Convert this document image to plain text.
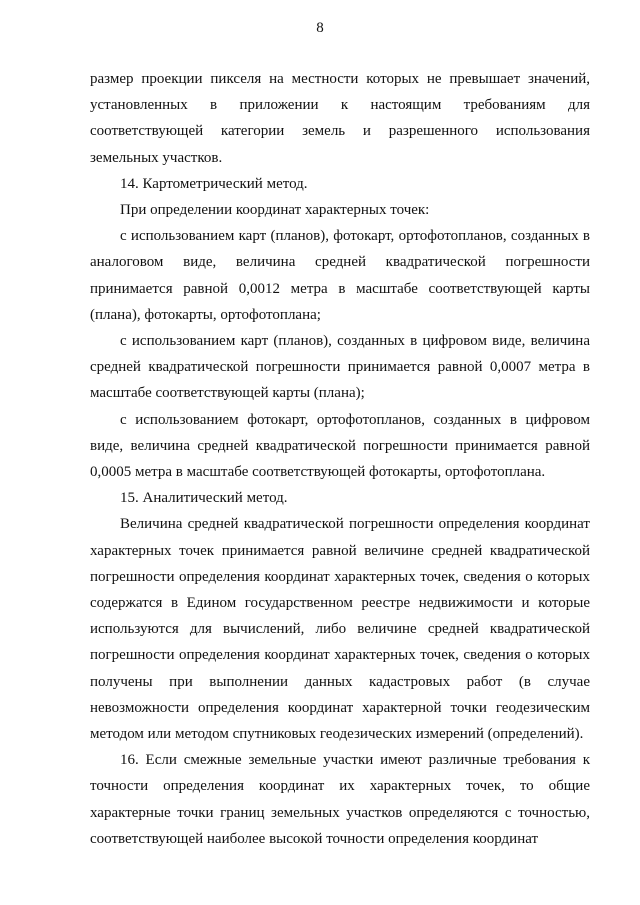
8

размер проекции пикселя на местности которых не превышает значений, установленных в приложении к настоящим требованиям для соответствующей категории земель и разрешенного использования земельных участков.

14. Картометрический метод.

При определении координат характерных точек:

с использованием карт (планов), фотокарт, ортофотопланов, созданных в аналоговом виде, величина средней квадратической погрешности принимается равной 0,0012 метра в масштабе соответствующей карты (плана), фотокарты, ортофотоплана;

с использованием карт (планов), созданных в цифровом виде, величина средней квадратической погрешности принимается равной 0,0007 метра в масштабе соответствующей карты (плана);

с использованием фотокарт, ортофотопланов, созданных в цифровом виде, величина средней квадратической погрешности принимается равной 0,0005 метра в масштабе соответствующей фотокарты, ортофотоплана.

15. Аналитический метод.

Величина средней квадратической погрешности определения координат характерных точек принимается равной величине средней квадратической погрешности определения координат характерных точек, сведения о которых содержатся в Едином государственном реестре недвижимости и которые используются для вычислений, либо величине средней квадратической погрешности определения координат характерных точек, сведения о которых получены при выполнении данных кадастровых работ (в случае невозможности определения координат характерной точки геодезическим методом или методом спутниковых геодезических измерений (определений).

16. Если смежные земельные участки имеют различные требования к точности определения координат их характерных точек, то общие характерные точки границ земельных участков определяются с точностью, соответствующей наиболее высокой точности определения координат
